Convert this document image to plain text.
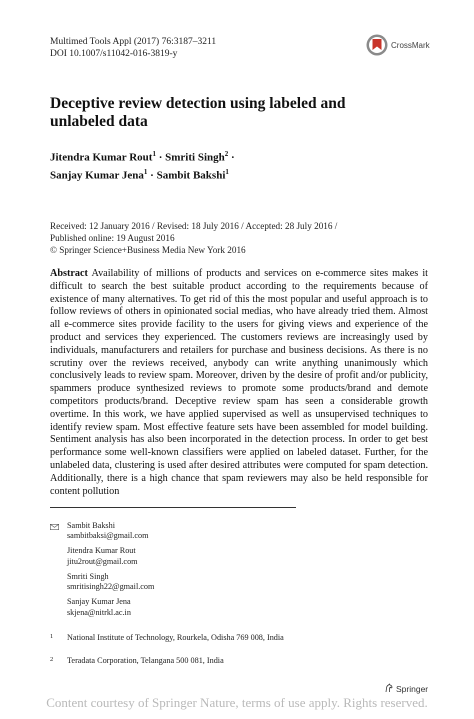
Multimed Tools Appl (2017) 76:3187–3211
DOI 10.1007/s11042-016-3819-y
CrossMark
Deceptive review detection using labeled and unlabeled data
Jitendra Kumar Rout$^1$ · Smriti Singh$^2$ ·
Sanjay Kumar Jena$^1$ · Sambit Bakshi$^1$
Received: 12 January 2016 / Revised: 18 July 2016 / Accepted: 28 July 2016 /
Published online: 19 August 2016
© Springer Science+Business Media New York 2016
Abstract Availability of millions of products and services on e-commerce sites makes it difficult to search the best suitable product according to the requirements because of existence of many alternatives. To get rid of this the most popular and useful approach is to follow reviews of others in opinionated social medias, who have already tried them. Almost all e-commerce sites provide facility to the users for giving views and experience of the product and services they experienced. The customers reviews are increasingly used by individuals, manufacturers and retailers for purchase and business decisions. As there is no scrutiny over the reviews received, anybody can write anything unanimously which conclusively leads to review spam. Moreover, driven by the desire of profit and/or publicity, spammers produce synthesized reviews to promote some products/brand and demote competitors products/brand. Deceptive review spam has seen a considerable growth overtime. In this work, we have applied supervised as well as unsupervised techniques to identify review spam. Most effective feature sets have been assembled for model building. Sentiment analysis has also been incorporated in the detection process. In order to get best performance some well-known classifiers were applied on labeled dataset. Further, for the unlabeled data, clustering is used after desired attributes were computed for spam detection. Additionally, there is a high chance that spam reviewers may also be held responsible for content pollution
Sambit Bakshi
sambitbaksi@gmail.com
Jitendra Kumar Rout
jitu2rout@gmail.com
Smriti Singh
smritisingh22@gmail.com
Sanjay Kumar Jena
skjena@nitrkl.ac.in
1 National Institute of Technology, Rourkela, Odisha 769 008, India
2 Teradata Corporation, Telangana 500 081, India
Springer
Content courtesy of Springer Nature, terms of use apply. Rights reserved.
